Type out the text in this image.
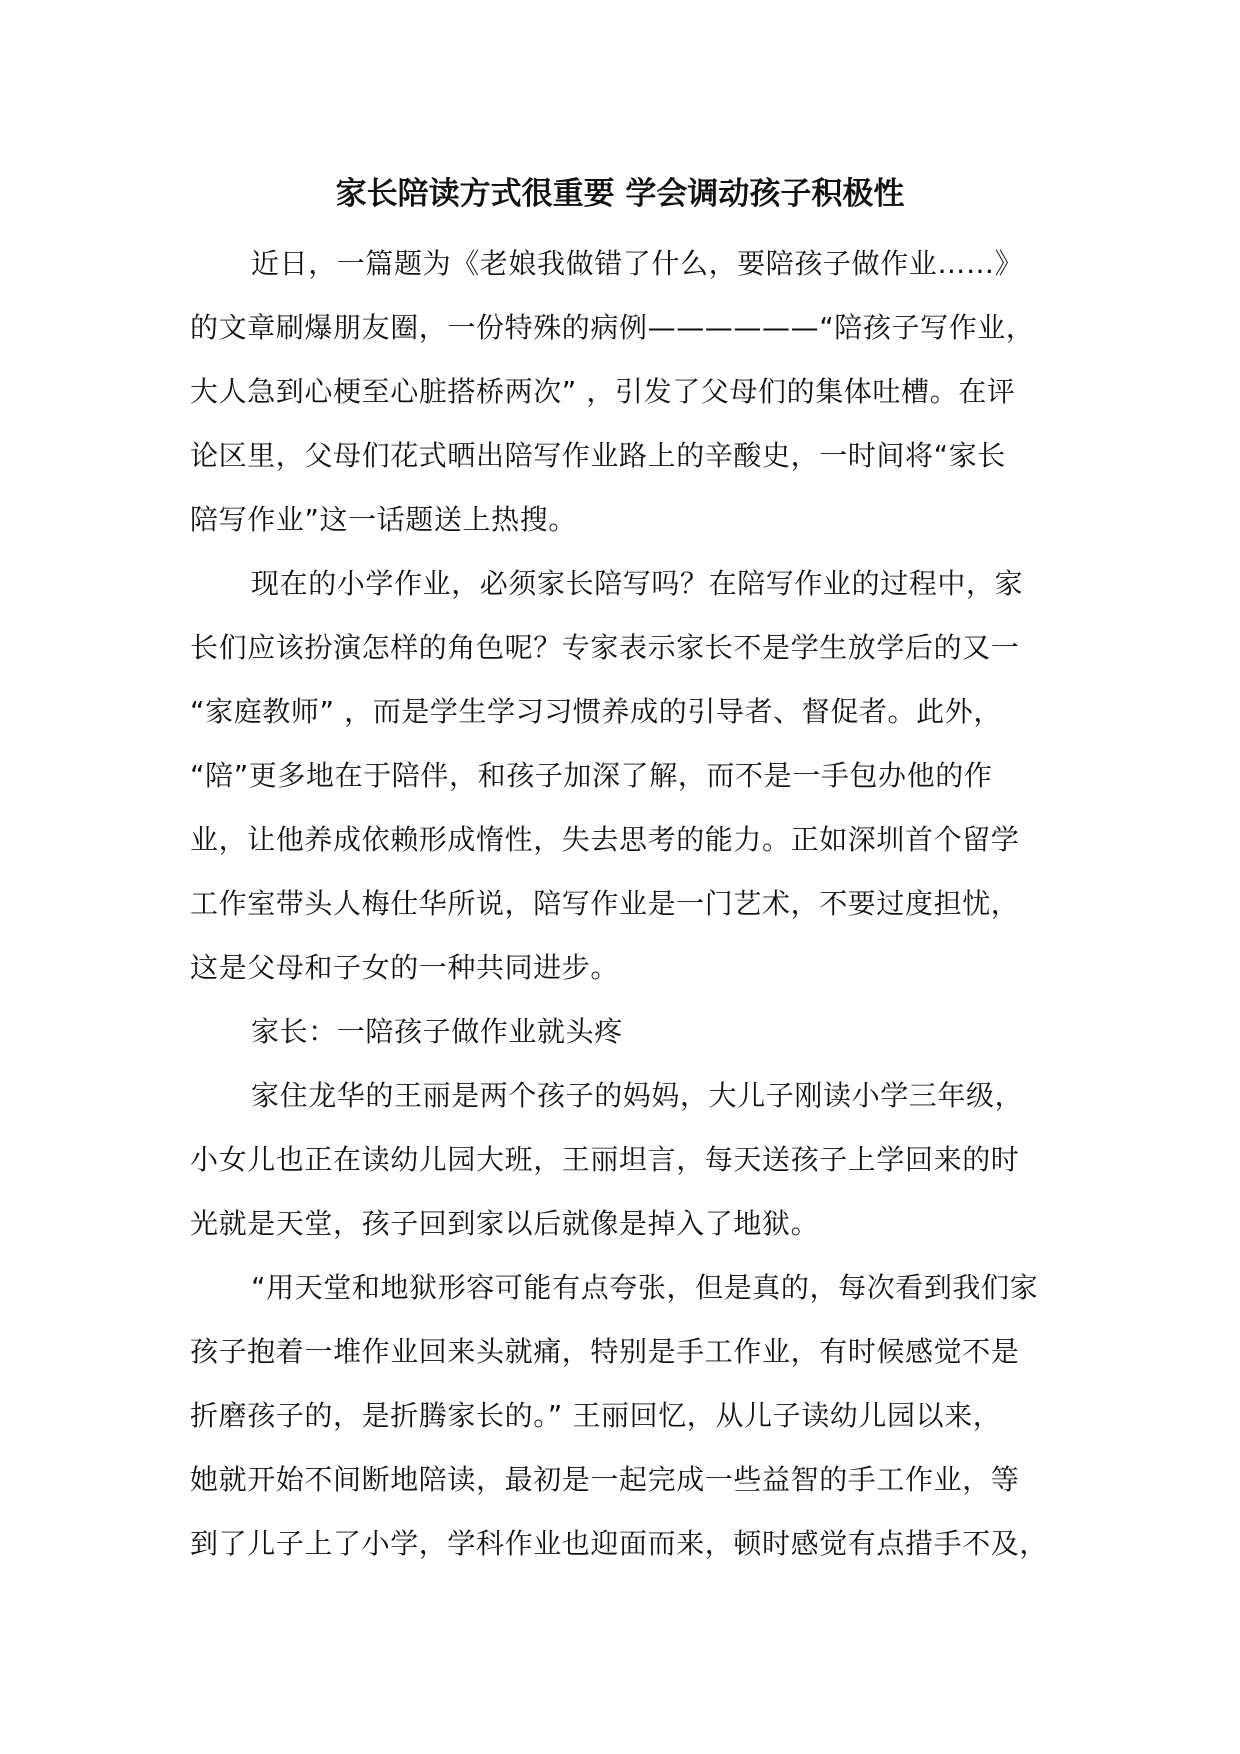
家长陪读方式很重要 学会调动孩子积极性
近日，一篇题为《老娘我做错了什么，要陪孩子做作业……》
的文章刷爆朋友圈，一份特殊的病例——————“陪孩子写作业，
大人急到心梗至心脏搭桥两次” ，引发了父母们的集体吐槽。在评
论区里，父母们花式晒出陪写作业路上的辛酸史，一时间将“家长
陪写作业”这一话题送上热搜。
现在的小学作业，必须家长陪写吗？在陪写作业的过程中，家
长们应该扮演怎样的角色呢？专家表示家长不是学生放学后的又一
“家庭教师” ，而是学生学习习惯养成的引导者、督促者。此外，
“陪”更多地在于陪伴，和孩子加深了解，而不是一手包办他的作
业，让他养成依赖形成惰性，失去思考的能力。正如深圳首个留学
工作室带头人梅仕华所说，陪写作业是一门艺术，不要过度担忧，
这是父母和子女的一种共同进步。
家长：一陪孩子做作业就头疼
家住龙华的王丽是两个孩子的妈妈，大儿子刚读小学三年级，
小女儿也正在读幼儿园大班，王丽坦言，每天送孩子上学回来的时
光就是天堂，孩子回到家以后就像是掉入了地狱。
“用天堂和地狱形容可能有点夸张，但是真的，每次看到我们家
孩子抱着一堆作业回来头就痛，特别是手工作业，有时候感觉不是
折磨孩子的，是折腾家长的。” 王丽回忆，从儿子读幼儿园以来，
她就开始不间断地陪读，最初是一起完成一些益智的手工作业，等
到了儿子上了小学，学科作业也迎面而来，顿时感觉有点措手不及，
